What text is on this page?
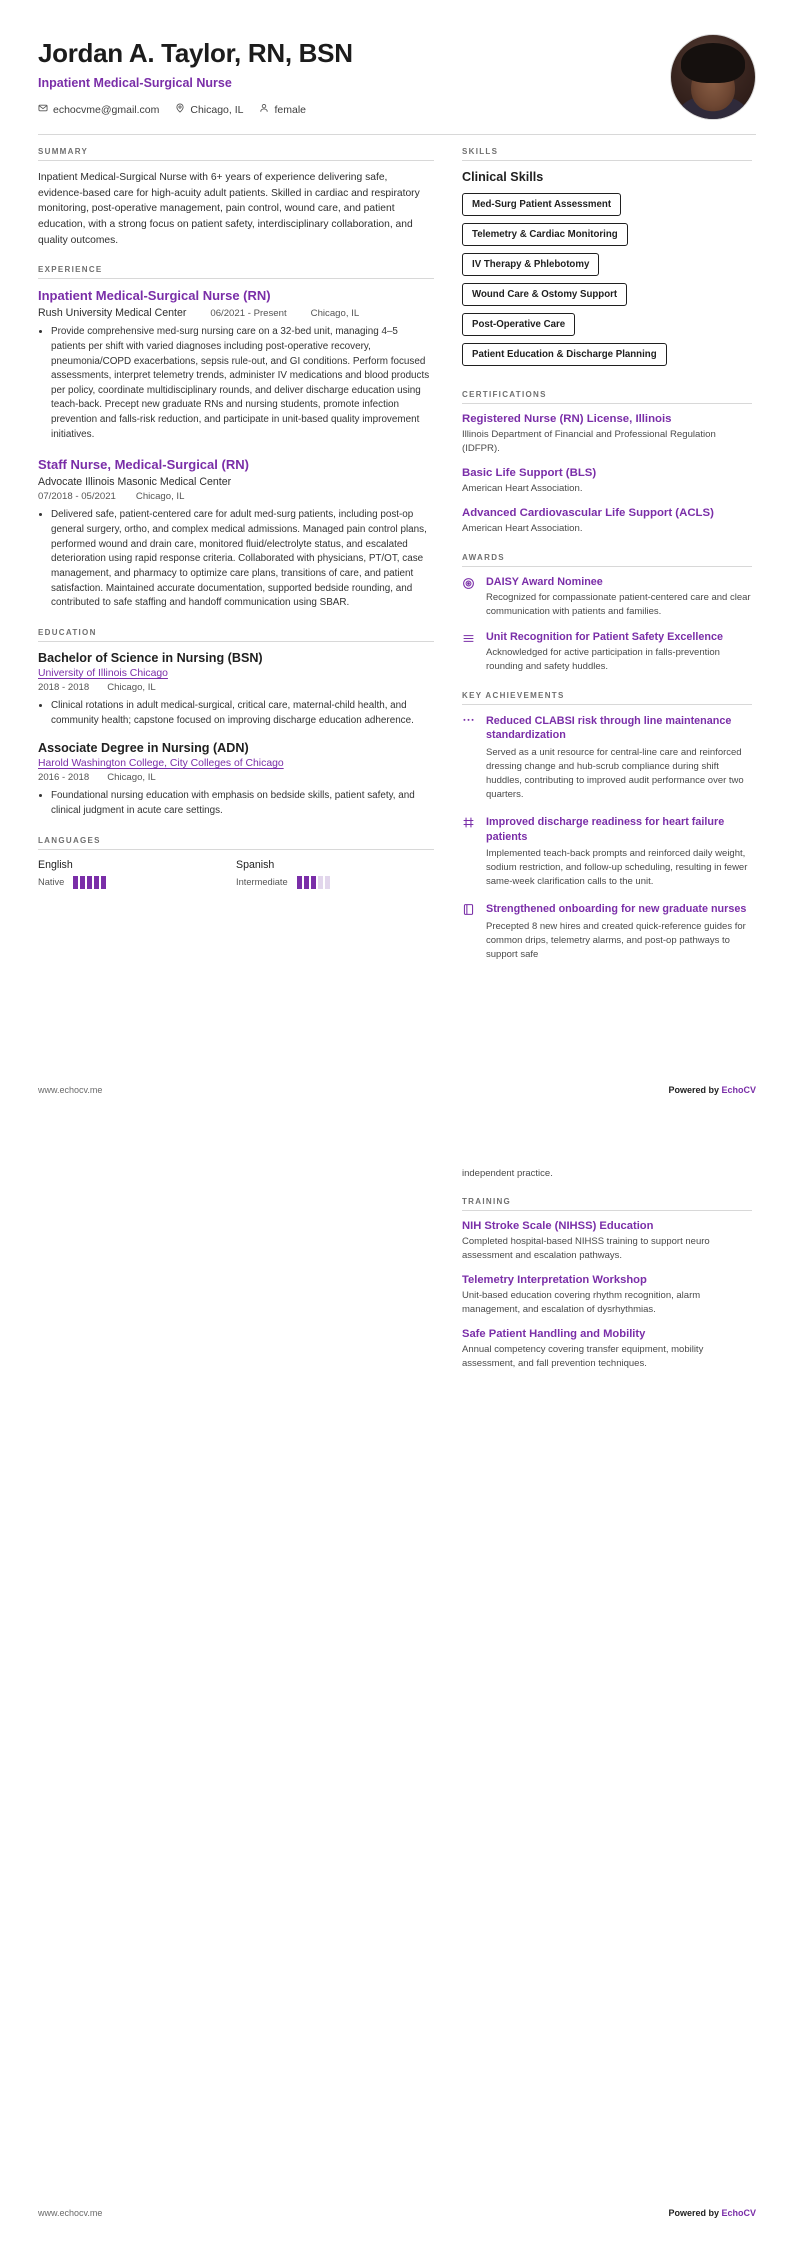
Jordan A. Taylor, RN, BSN
Inpatient Medical-Surgical Nurse
echocvme@gmail.com	Chicago, IL	female
SUMMARY
Inpatient Medical-Surgical Nurse with 6+ years of experience delivering safe, evidence-based care for high-acuity adult patients. Skilled in cardiac and respiratory monitoring, post-operative management, pain control, wound care, and patient education, with a strong focus on patient safety, interdisciplinary collaboration, and quality outcomes.
EXPERIENCE
Inpatient Medical-Surgical Nurse (RN)
Rush University Medical Center	06/2021 - Present	Chicago, IL
• Provide comprehensive med-surg nursing care on a 32-bed unit, managing 4–5 patients per shift with varied diagnoses including post-operative recovery, pneumonia/COPD exacerbations, sepsis rule-out, and GI conditions. Perform focused assessments, interpret telemetry trends, administer IV medications and blood products per policy, coordinate multidisciplinary rounds, and deliver discharge education using teach-back. Precept new graduate RNs and nursing students, promote infection prevention and falls-risk reduction, and participate in unit-based quality improvement initiatives.
Staff Nurse, Medical-Surgical (RN)
Advocate Illinois Masonic Medical Center
07/2018 - 05/2021 Chicago, IL
• Delivered safe, patient-centered care for adult med-surg patients, including post-op general surgery, ortho, and complex medical admissions. Managed pain control plans, performed wound and drain care, monitored fluid/electrolyte status, and escalated deterioration using rapid response criteria. Collaborated with physicians, PT/OT, case management, and pharmacy to optimize care plans, transitions of care, and patient satisfaction. Maintained accurate documentation, supported bedside rounding, and contributed to safe staffing and handoff communication using SBAR.
EDUCATION
Bachelor of Science in Nursing (BSN)
University of Illinois Chicago
2018 - 2018 Chicago, IL
• Clinical rotations in adult medical-surgical, critical care, maternal-child health, and community health; capstone focused on improving discharge education adherence.
Associate Degree in Nursing (ADN)
Harold Washington College, City Colleges of Chicago
2016 - 2018 Chicago, IL
• Foundational nursing education with emphasis on bedside skills, patient safety, and clinical judgment in acute care settings.
LANGUAGES
English
Native
Spanish
Intermediate
SKILLS
Clinical Skills
Med-Surg Patient Assessment
Telemetry & Cardiac Monitoring
IV Therapy & Phlebotomy
Wound Care & Ostomy Support
Post-Operative Care
Patient Education & Discharge Planning
CERTIFICATIONS
Registered Nurse (RN) License, Illinois
Illinois Department of Financial and Professional Regulation (IDFPR).
Basic Life Support (BLS)
American Heart Association.
Advanced Cardiovascular Life Support (ACLS)
American Heart Association.
AWARDS
DAISY Award Nominee
Recognized for compassionate patient-centered care and clear communication with patients and families.
Unit Recognition for Patient Safety Excellence
Acknowledged for active participation in falls-prevention rounding and safety huddles.
KEY ACHIEVEMENTS
Reduced CLABSI risk through line maintenance standardization
Served as a unit resource for central-line care and reinforced dressing change and hub-scrub compliance during shift huddles, contributing to improved audit performance over two quarters.
Improved discharge readiness for heart failure patients
Implemented teach-back prompts and reinforced daily weight, sodium restriction, and follow-up scheduling, resulting in fewer same-week clarification calls to the unit.
Strengthened onboarding for new graduate nurses
Precepted 8 new hires and created quick-reference guides for common drips, telemetry alarms, and post-op pathways to support safe
www.echocv.me	Powered by EchoCV
independent practice.
TRAINING
NIH Stroke Scale (NIHSS) Education
Completed hospital-based NIHSS training to support neuro assessment and escalation pathways.
Telemetry Interpretation Workshop
Unit-based education covering rhythm recognition, alarm management, and escalation of dysrhythmias.
Safe Patient Handling and Mobility
Annual competency covering transfer equipment, mobility assessment, and fall prevention techniques.
www.echocv.me	Powered by EchoCV
